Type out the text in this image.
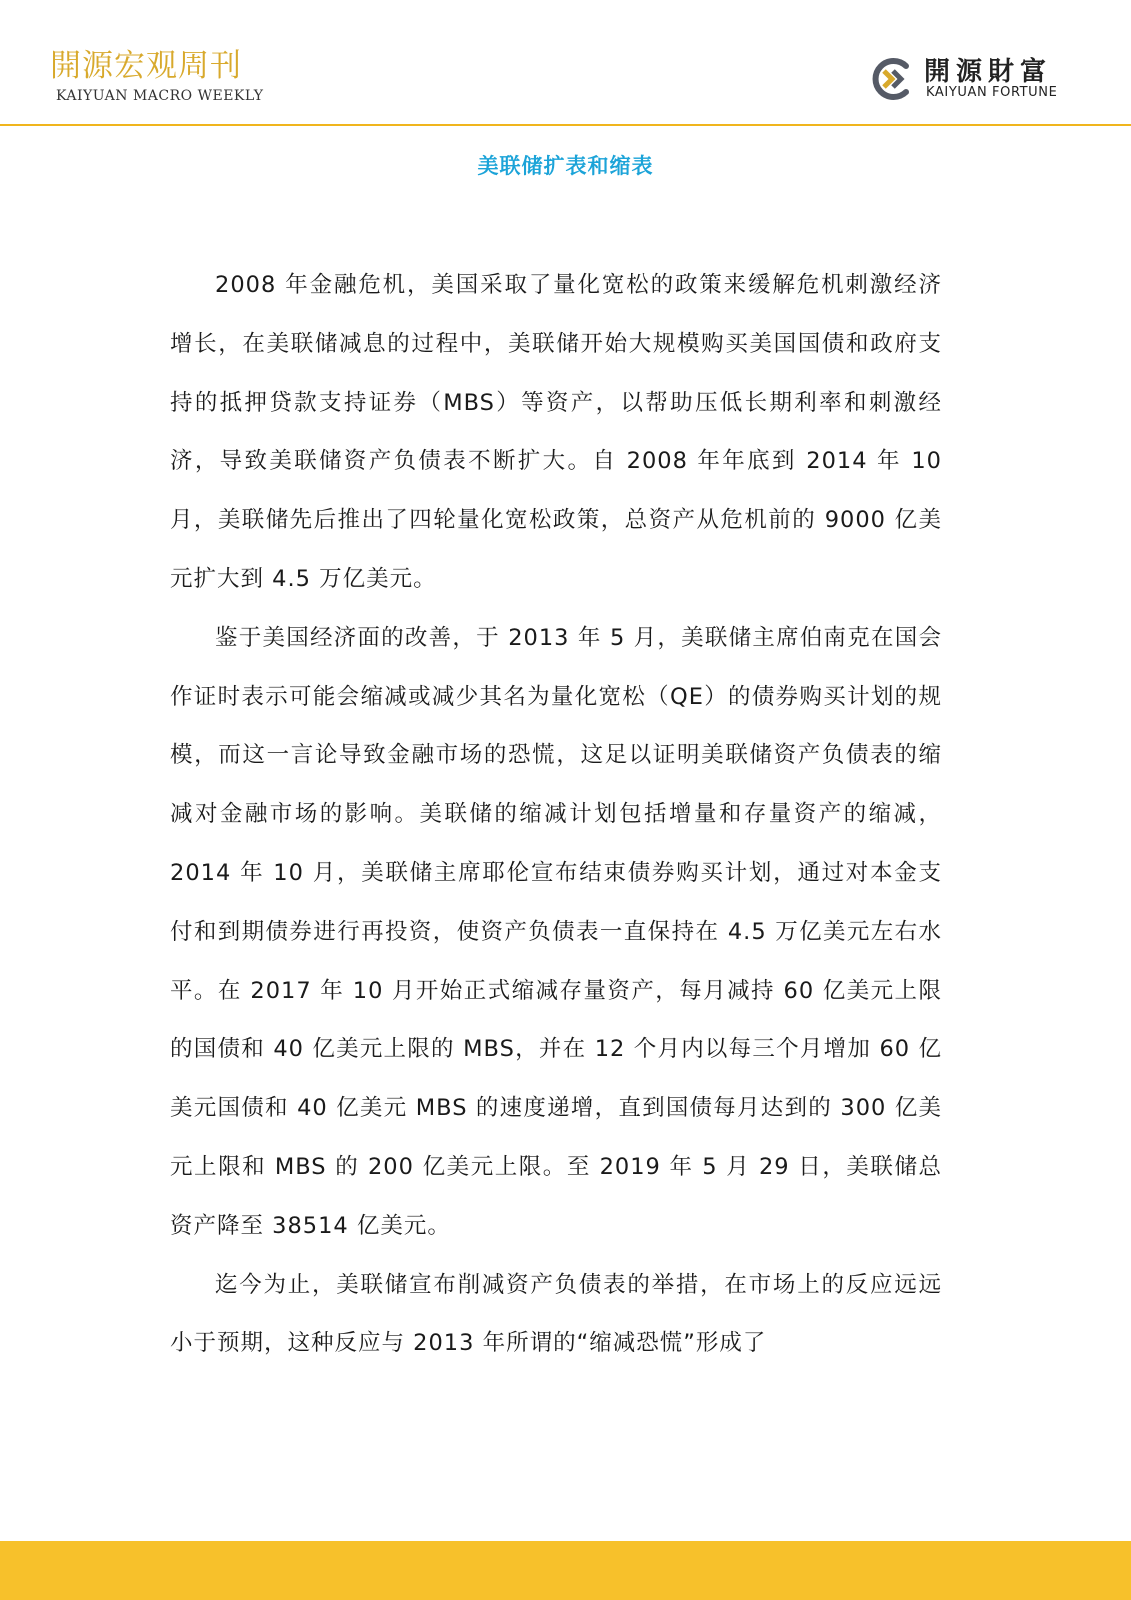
開源宏观周刊
KAIYUAN MACRO WEEKLY
開源財富
KAIYUAN FORTUNE
美联储扩表和缩表

2008 年金融危机，美国采取了量化宽松的政策来缓解危机刺激经济增长，在美联储减息的过程中，美联储开始大规模购买美国国债和政府支持的抵押贷款支持证券（MBS）等资产，以帮助压低长期利率和刺激经济，导致美联储资产负债表不断扩大。自 2008 年年底到 2014 年 10 月，美联储先后推出了四轮量化宽松政策，总资产从危机前的 9000 亿美元扩大到 4.5 万亿美元。

鉴于美国经济面的改善，于 2013 年 5 月，美联储主席伯南克在国会作证时表示可能会缩减或减少其名为量化宽松（QE）的债券购买计划的规模，而这一言论导致金融市场的恐慌，这足以证明美联储资产负债表的缩减对金融市场的影响。美联储的缩减计划包括增量和存量资产的缩减，2014 年 10 月，美联储主席耶伦宣布结束债券购买计划，通过对本金支付和到期债券进行再投资，使资产负债表一直保持在 4.5 万亿美元左右水平。在 2017 年 10 月开始正式缩减存量资产，每月减持 60 亿美元上限的国债和 40 亿美元上限的 MBS，并在 12 个月内以每三个月增加 60 亿美元国债和 40 亿美元 MBS 的速度递增，直到国债每月达到的 300 亿美元上限和 MBS 的 200 亿美元上限。至 2019 年 5 月 29 日，美联储总资产降至 38514 亿美元。

迄今为止，美联储宣布削减资产负债表的举措，在市场上的反应远远小于预期，这种反应与 2013 年所谓的“缩减恐慌”形成了
